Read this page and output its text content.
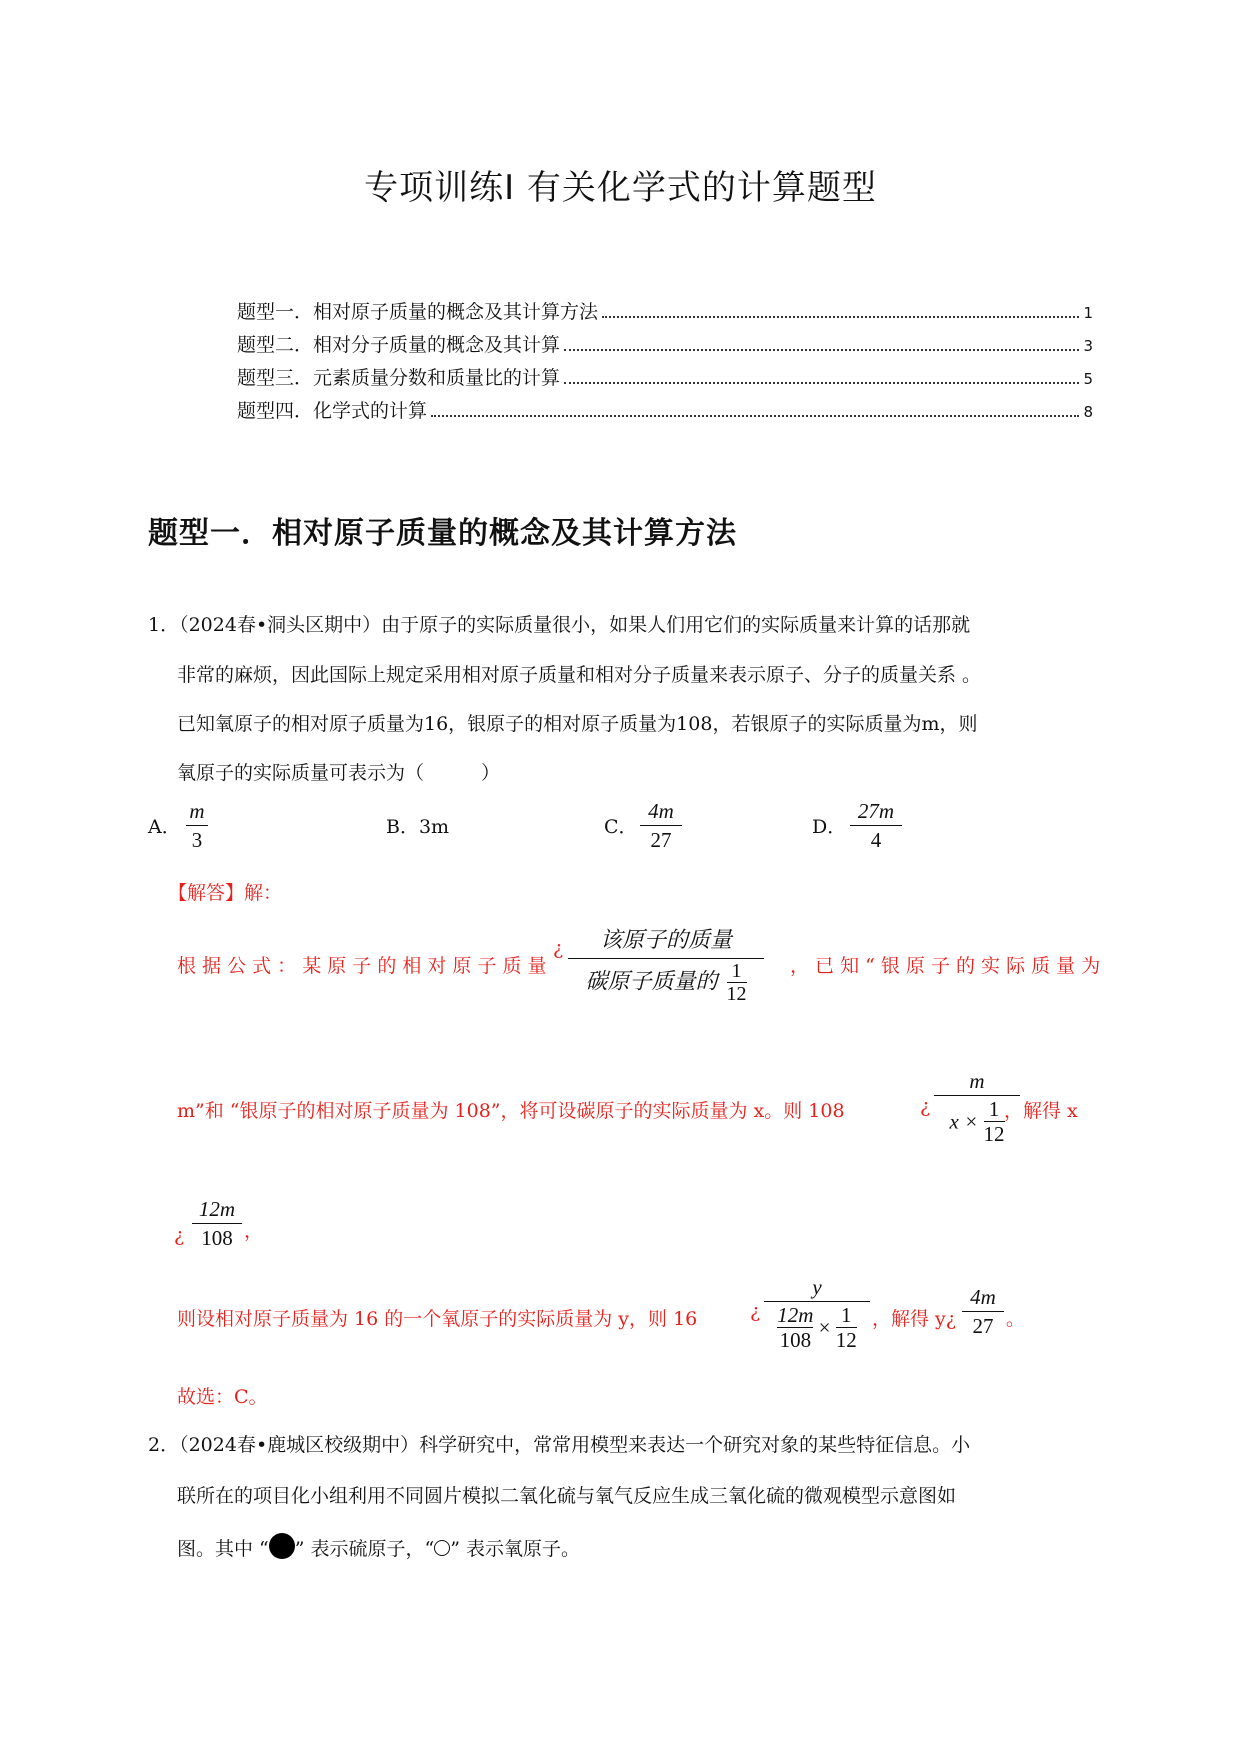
专项训练Ⅰ 有关化学式的计算题型
题型一．相对原子质量的概念及其计算方法	1
题型二．相对分子质量的概念及其计算	3
题型三．元素质量分数和质量比的计算	5
题型四．化学式的计算	8
题型一．相对原子质量的概念及其计算方法
1．（2024春•洞头区期中）由于原子的实际质量很小，如果人们用它们的实际质量来计算的话那就
非常的麻烦，因此国际上规定采用相对原子质量和相对分子质量来表示原子、分子的质量关系 。
已知氧原子的相对原子质量为16，银原子的相对原子质量为108，若银原子的实际质量为m，则
氧原子的实际质量可表示为（　　　）
A．
m
3
B．3m	C．
4m
27
D．
27m
4
【解答】解：
根 据 公 式 ： 某 原 子 的 相 对 原 子 质 量
¿	该原子的质量
碳原子质量的 $\frac{1}{12}$ ， 已 知 “ 银 原 子 的 实 际 质 量 为
m”和 “银原子的相对原子质量为 108”，将可设碳原子的实际质量为 x。则 108	¿
m
$x \times \frac{1}{12}$ ，解得 x
¿
12m
108 ，
则设相对原子质量为 16 的一个氧原子的实际质量为 y，则 16	¿
y
$\frac{12m}{108} \times \frac{1}{12}$ ，解得 y¿
4m
27 。
故选：C。
2．（2024春•鹿城区校级期中）科学研究中，常常用模型来表达一个研究对象的某些特征信息。小
联所在的项目化小组利用不同圆片模拟二氧化硫与氧气反应生成三氧化硫的微观模型示意图如
图。其中 “ ” 表示硫原子，“ ” 表示氧原子。
